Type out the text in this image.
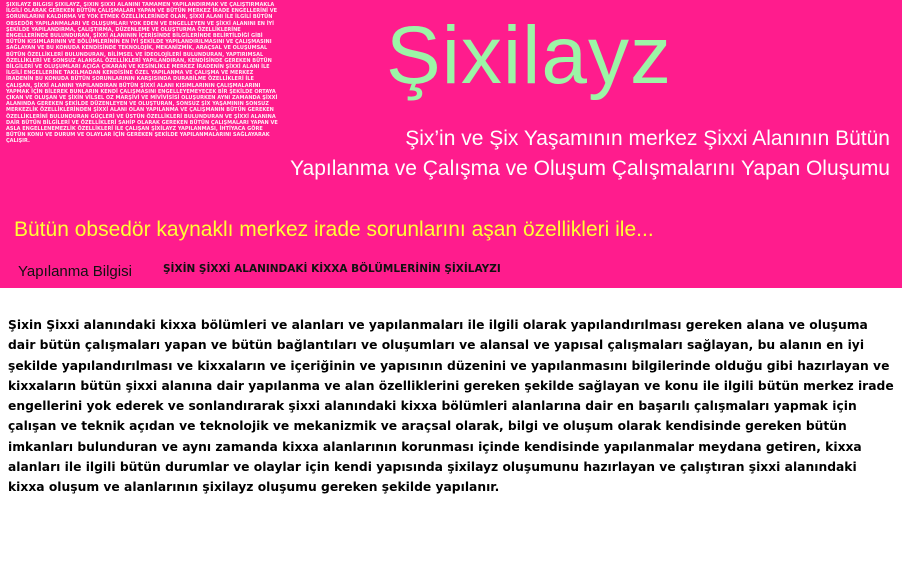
ŞİXİLAYZ BİLGİSİ ŞİXİLAYZ, ŞİXİN ŞİXXİ ALANINI TAMAMEN YAPILANDIRMAK VE ÇALIŞTIRMAKLA İLGİLİ OLARAK GEREKEN BÜTÜN ÇALIŞMALARI YAPAN VE BÜTÜN MERKEZ İRADE ENGELLERİNİ VE SORUNLARINI KALDIRMA VE YOK ETMEK ÖZELLİKLERİNDE OLAN, ŞİXXİ ALANI İLE İLGİLİ BÜTÜN OBSEDÖR YAPILANMALARI VE OLUŞUMLARI YOK EDEN VE ENGELLEYEN VE ŞİXXİ ALANINI EN İYİ ŞEKİLDE YAPILANDIRMA, ÇALIŞTIRMA, DÜZENLEME VE OLUŞTURMA ÖZELLİKLERİNE ENGELLERİNDE BULUNDURAN, ŞİXXİ ALANININ İÇERİSİNDE BİLGİLERİNDE BELİRTİLDİĞİ GİBİ BÜTÜN KISIMLARININ VE BÖLÜMLERİNİN EN İYİ ŞEKİLDE YAPILANDIRILMASINI VE ÇALIŞMASINI SAĞLAYAN VE BU KONUDA KENDİSİNDE TEKNOLOJİK, MEKANİZMİK, ARAÇSAL VE OLUŞUMSAL BÜTÜN ÖZELLİKLERİ BULUNDURAN, BİLİMSEL VE İDEOLOJİLERİ BULUNDURAN, YAPTIRIMSAL ÖZELLİKLERİ VE SONSUZ ALANSAL ÖZELLİKLERİ YAPILANDIRAN, KENDİSİNDE GEREKEN BÜTÜN BİLGİLERİ VE OLUŞUMLARI AÇIĞA ÇIKARAN VE KESİNLİKLE MERKEZ İRADENİN ŞİXXİ ALANI İLE İLGİLİ ENGELLERİNE TAKILMADAN KENDİSİNE ÖZEL YAPILANMA VE ÇALIŞMA VE MERKEZ İRADENİN BU KONUDA BÜTÜN SORUNLARININ KARŞISINDA DURABİLME ÖZELLİKLERİ İLE ÇALIŞAN, ŞİXXİ ALANINI YAPILANDIRAN BÜTÜN ŞİXXİ ALANI KISIMLARININ ÇALIŞMALARINI YAPMAK İÇİN BİLEREK BUNLARIN KENDİ ÇALIŞMASINI ENGELLEYEMEYECEK BİR ŞEKİLDE ORTAYA ÇIKAN VE OLUŞAN VE ŞİXİN VİLSEL OZ MARŞİVİ VE MİVİVİSİSİ OLUŞURKEN AYNI ZAMANDA ŞİXXİ ALANINDA GEREKEN ŞEKİLDE DÜZENLEYEN VE OLUŞTURAN, SONSUZ ŞİX YAŞAMININ SONSUZ MERKEZLİK ÖZELLİKLERİNDEN ŞİXXİ ALANI OLAN YAPILANMA VE ÇALIŞMANIN BÜTÜN GEREKEN ÖZELLİKLERİNİ BULUNDURAN GÜÇLERİ VE ÜSTÜN ÖZELLİKLERİ BULUNDURAN VE ŞİXXİ ALANINA DAİR BÜTÜN BİLGİLERİ VE ÖZELLİKLERİ SAHİP OLARAK GEREKEN BÜTÜN ÇALIŞMALARI YAPAN VE ASLA ENGELLENEMEZLİK ÖZELLİKLERİ İLE ÇALIŞAN ŞİXİLAYZ YAPILANMASI, İHTİYACA GÖRE BÜTÜN KONU VE DURUM VE OLAYLAR İÇİN GEREKEN ŞEKİLDE YAPILANMALARINI SAĞLAYARAK ÇALIŞIR.
Şixilayz

Şix’in ve Şix Yaşamının merkez Şixxi Alanının Bütün
Yapılanma ve Çalışma ve Oluşum Çalışmalarını Yapan Oluşumu

Bütün obsedör kaynaklı merkez irade sorunlarını aşan özellikleri ile...

Yapılanma Bilgisi	ŞİXİN ŞİXXİ ALANINDAKİ KİXXA BÖLÜMLERİNİN ŞİXİLAYZI

Şixin Şixxi alanındaki kixxa bölümleri ve alanları ve yapılanmaları ile ilgili olarak yapılandırılması gereken alana ve oluşuma dair bütün çalışmaları yapan ve bütün bağlantıları ve oluşumları ve alansal ve yapısal çalışmaları sağlayan, bu alanın en iyi şekilde yapılandırılması ve kixxaların ve içeriğinin ve yapısının düzenini ve yapılanmasını bilgilerinde olduğu gibi hazırlayan ve kixxaların bütün şixxi alanına dair yapılanma ve alan özelliklerini gereken şekilde sağlayan ve konu ile ilgili bütün merkez irade engellerini yok ederek ve sonlandırarak şixxi alanındaki kixxa bölümleri alanlarına dair en başarılı çalışmaları yapmak için çalışan ve teknik açıdan ve teknolojik ve mekanizmik ve araçsal olarak, bilgi ve oluşum olarak kendisinde gereken bütün imkanları bulunduran ve aynı zamanda kixxa alanlarının korunması içinde kendisinde yapılanmalar meydana getiren, kixxa alanları ile ilgili bütün durumlar ve olaylar için kendi yapısında şixilayz oluşumunu hazırlayan ve çalıştıran şixxi alanındaki kixxa oluşum ve alanlarının şixilayz oluşumu gereken şekilde yapılanır.
